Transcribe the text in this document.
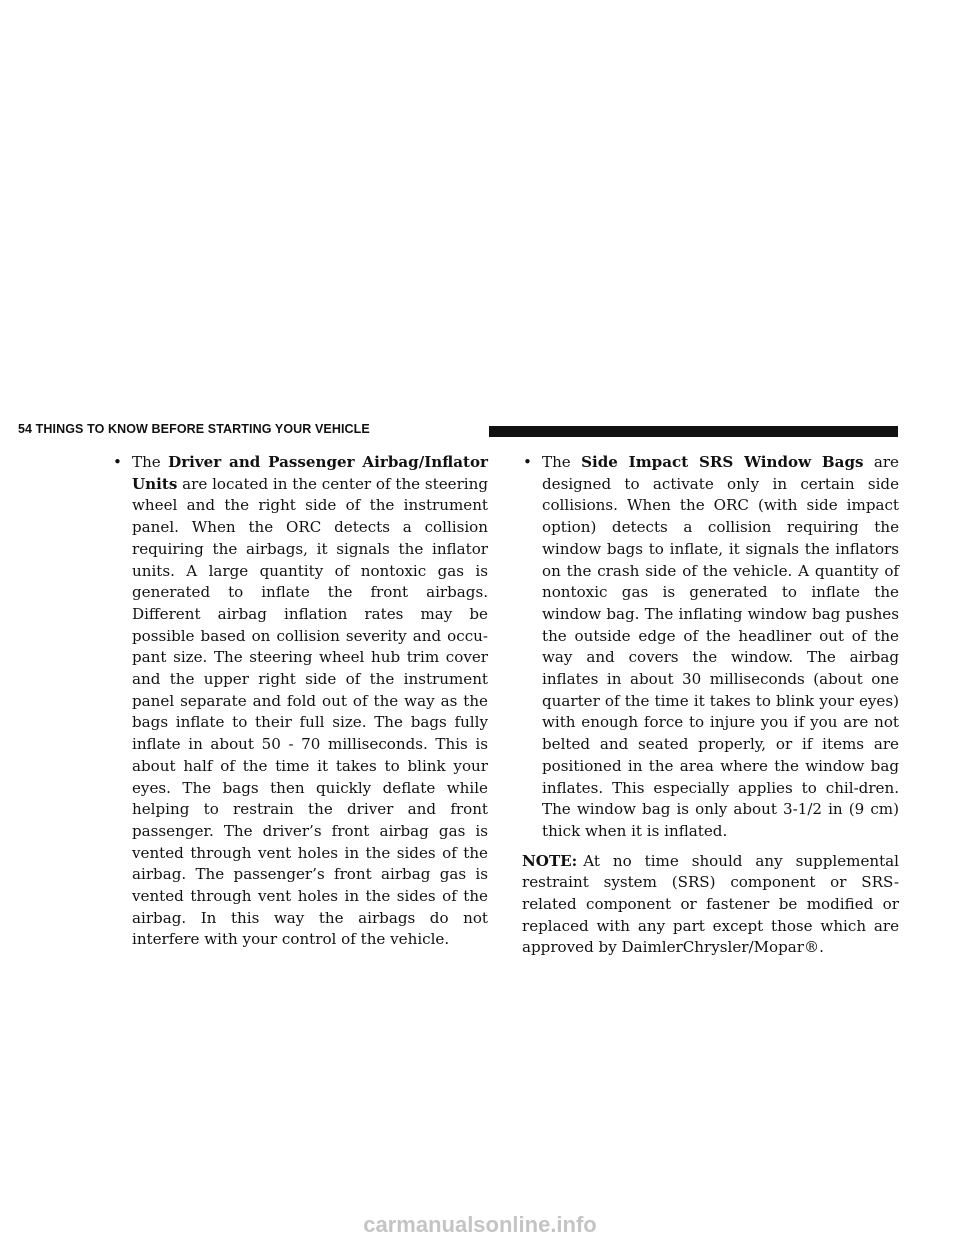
54 THINGS TO KNOW BEFORE STARTING YOUR VEHICLE
• The Driver and Passenger Airbag/Inflator Units are located in the center of the steering wheel and the right side of the instrument panel. When the ORC detects a collision requiring the airbags, it signals the inflator units. A large quantity of nontoxic gas is generated to inflate the front airbags. Different airbag inflation rates may be possible based on collision severity and occu-pant size. The steering wheel hub trim cover and the upper right side of the instrument panel separate and fold out of the way as the bags inflate to their full size. The bags fully inflate in about 50 - 70 milliseconds. This is about half of the time it takes to blink your eyes. The bags then quickly deflate while helping to restrain the driver and front passenger. The driver’s front airbag gas is vented through vent holes in the sides of the airbag. The passenger’s front airbag gas is vented through vent holes in the sides of the airbag. In this way the airbags do not interfere with your control of the vehicle.
• The Side Impact SRS Window Bags are designed to activate only in certain side collisions. When the ORC (with side impact option) detects a collision requiring the window bags to inflate, it signals the inflators on the crash side of the vehicle. A quantity of nontoxic gas is generated to inflate the window bag. The inflating window bag pushes the outside edge of the headliner out of the way and covers the window. The airbag inflates in about 30 milliseconds (about one quarter of the time it takes to blink your eyes) with enough force to injure you if you are not belted and seated properly, or if items are positioned in the area where the window bag inflates. This especially applies to chil-dren. The window bag is only about 3-1/2 in (9 cm) thick when it is inflated.
NOTE: At no time should any supplemental restraint system (SRS) component or SRS-related component or fastener be modified or replaced with any part except those which are approved by DaimlerChrysler/Mopar®.
carmanualsonline.info
